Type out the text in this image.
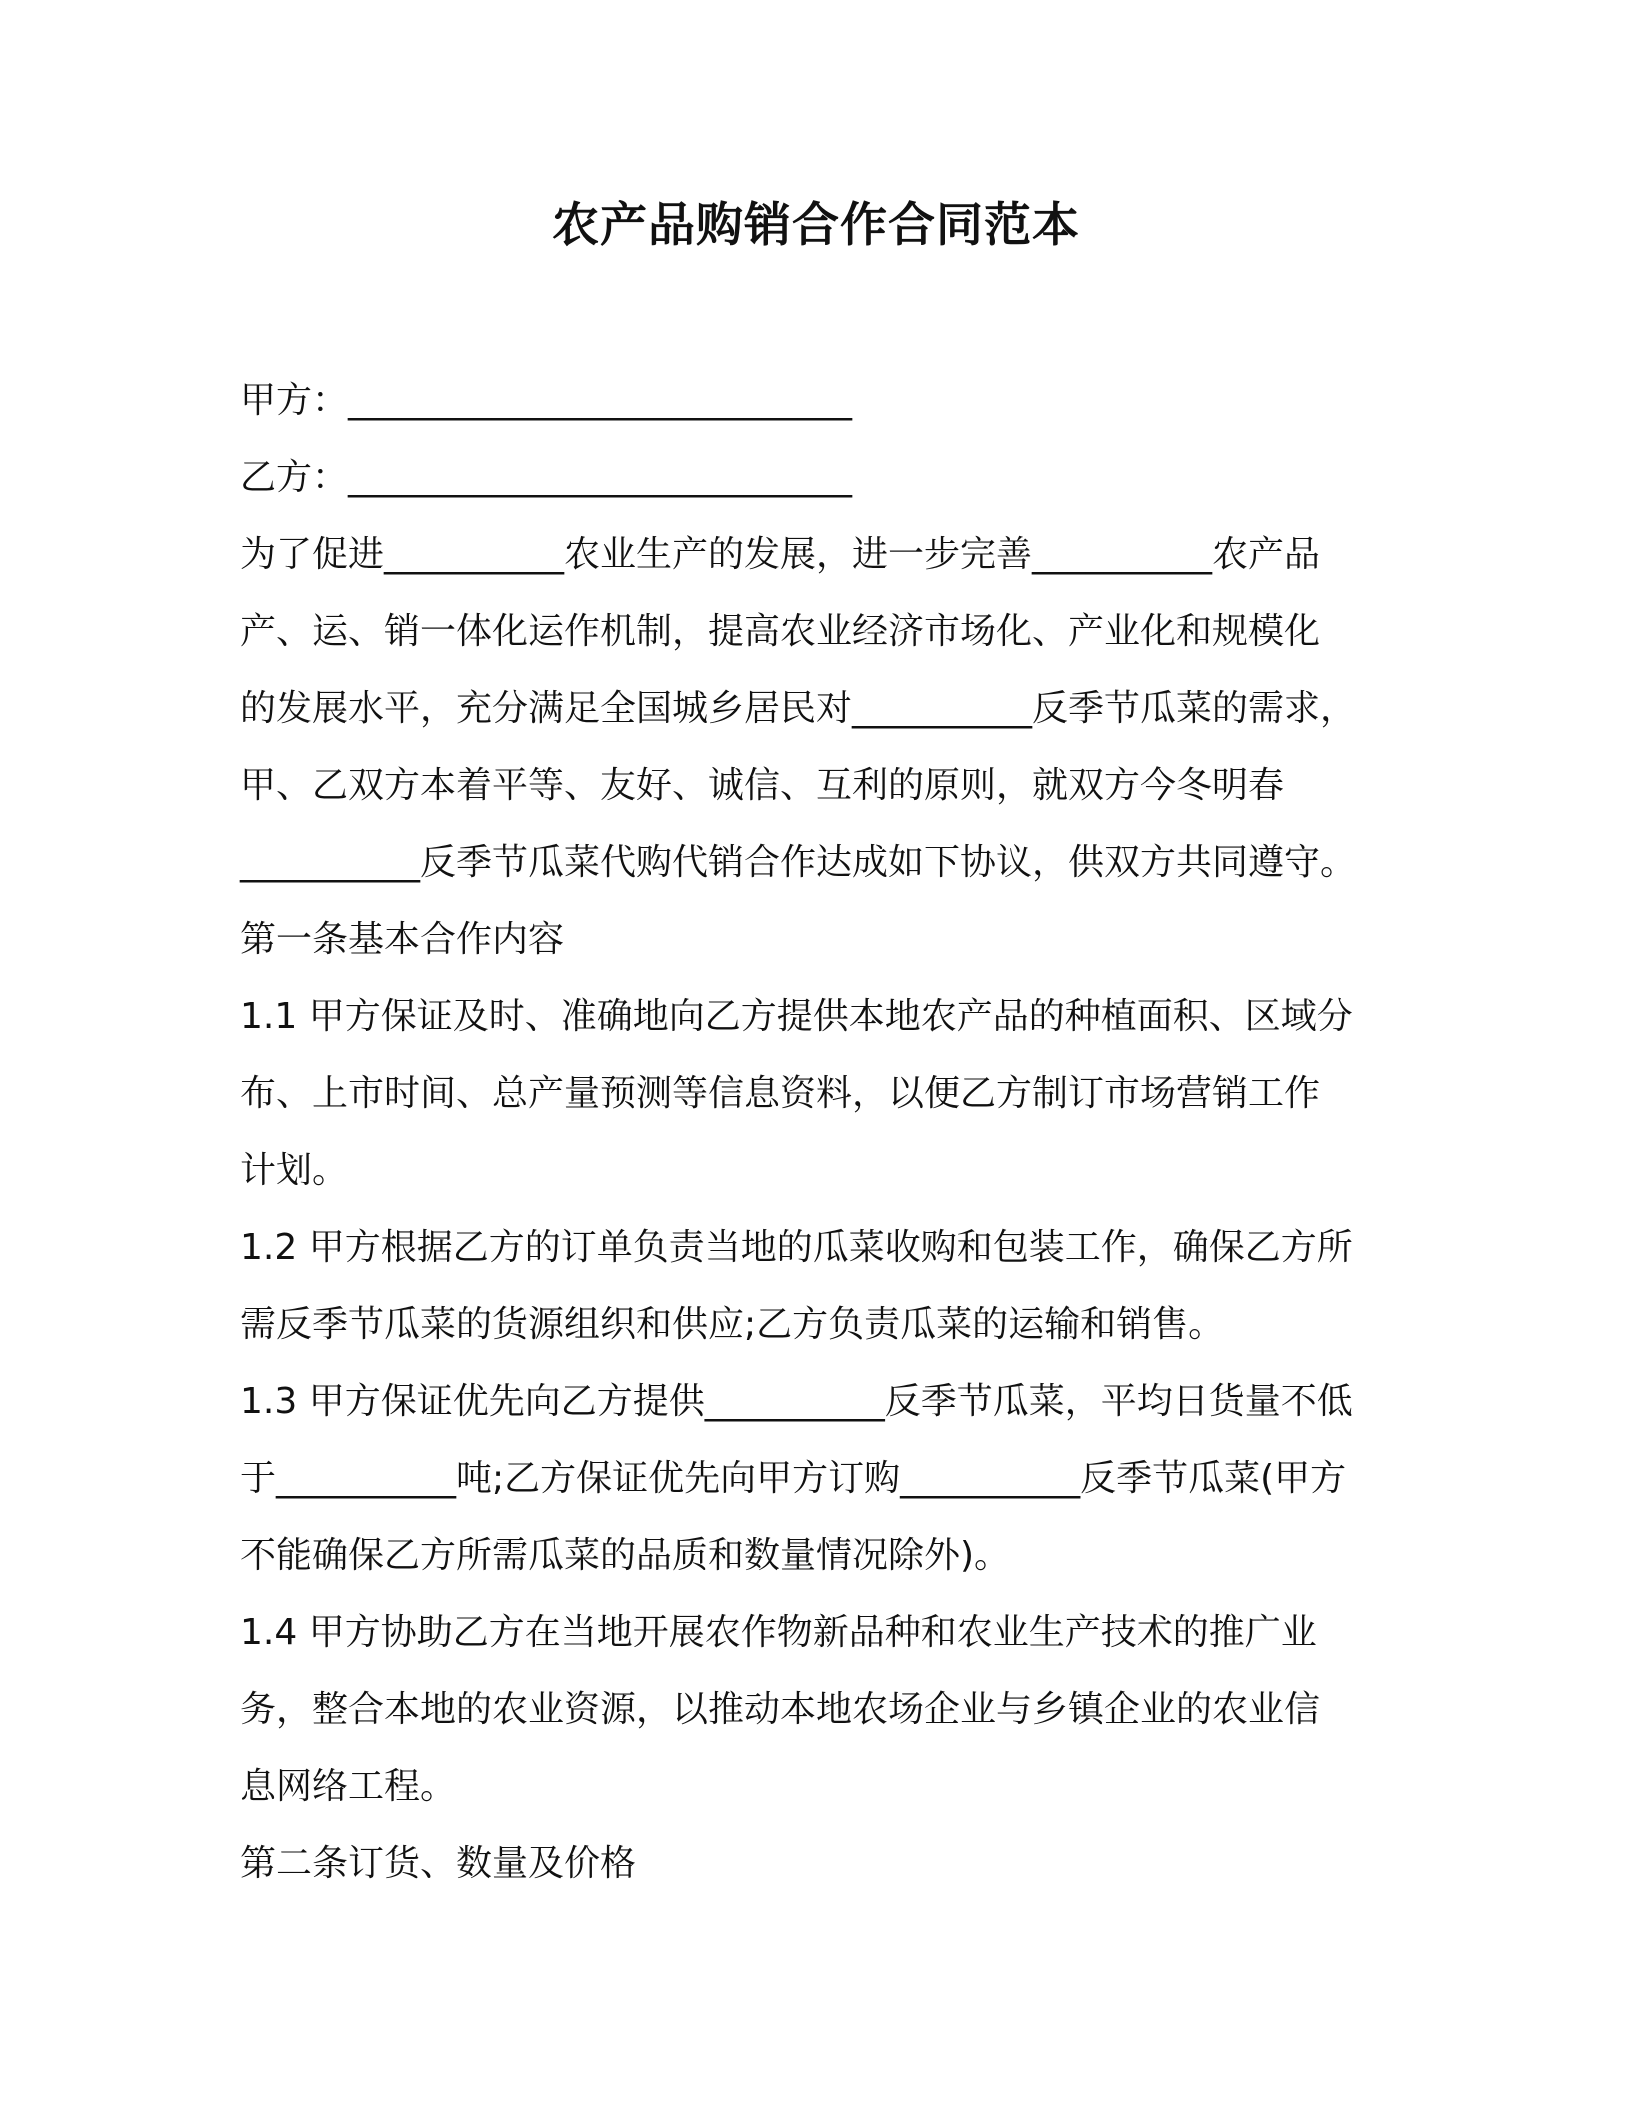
农产品购销合作合同范本
甲方：____________________________
乙方：____________________________
为了促进__________农业生产的发展，进一步完善__________农产品
产、运、销一体化运作机制，提高农业经济市场化、产业化和规模化
的发展水平，充分满足全国城乡居民对__________反季节瓜菜的需求，
甲、乙双方本着平等、友好、诚信、互利的原则，就双方今冬明春
__________反季节瓜菜代购代销合作达成如下协议，供双方共同遵守。
第一条基本合作内容
1.1 甲方保证及时、准确地向乙方提供本地农产品的种植面积、区域分
布、上市时间、总产量预测等信息资料，以便乙方制订市场营销工作
计划。
1.2 甲方根据乙方的订单负责当地的瓜菜收购和包装工作，确保乙方所
需反季节瓜菜的货源组织和供应;乙方负责瓜菜的运输和销售。
1.3 甲方保证优先向乙方提供__________反季节瓜菜，平均日货量不低
于__________吨;乙方保证优先向甲方订购__________反季节瓜菜(甲方
不能确保乙方所需瓜菜的品质和数量情况除外)。
1.4 甲方协助乙方在当地开展农作物新品种和农业生产技术的推广业
务，整合本地的农业资源，以推动本地农场企业与乡镇企业的农业信
息网络工程。
第二条订货、数量及价格
